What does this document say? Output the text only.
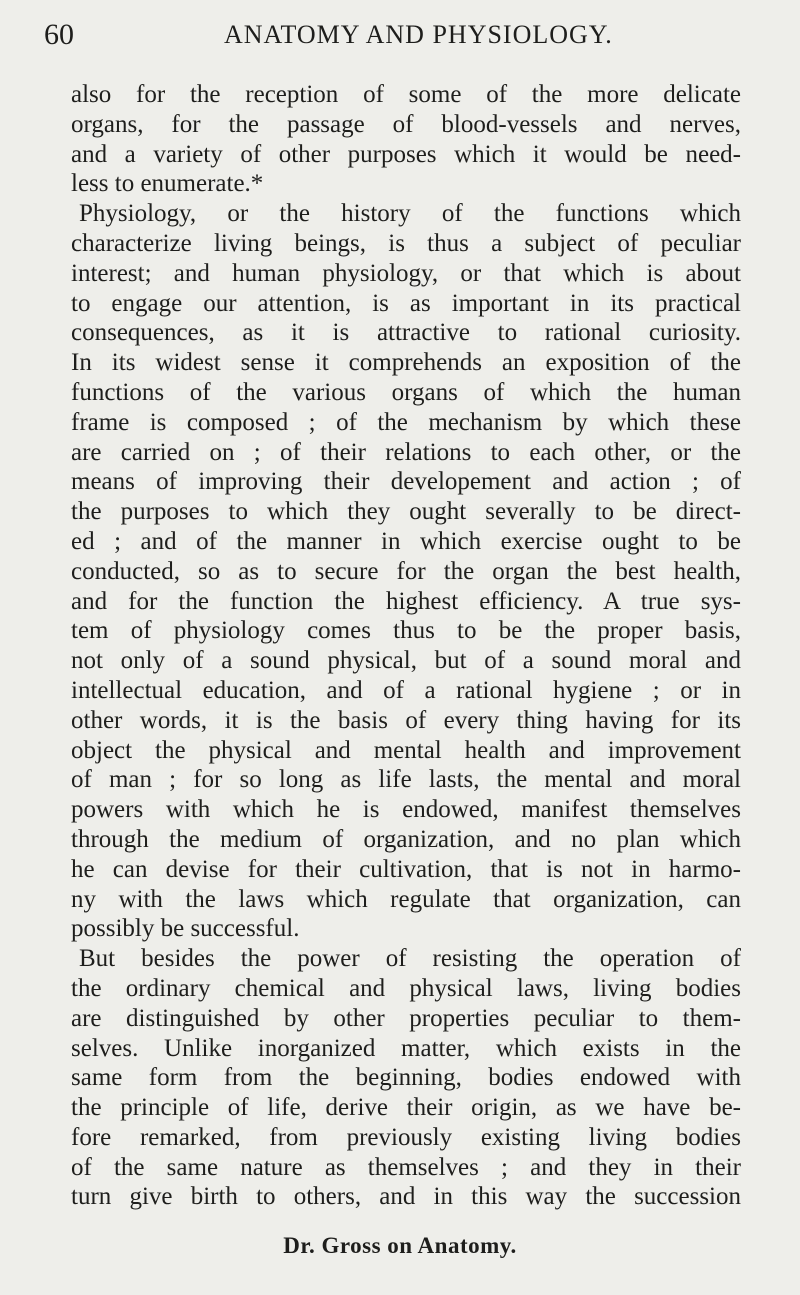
60	ANATOMY AND PHYSIOLOGY.
also for the reception of some of the more delicate
organs, for the passage of blood-vessels and nerves,
and a variety of other purposes which it would be need-
less to enumerate.*
Physiology, or the history of the functions which
characterize living beings, is thus a subject of peculiar
interest; and human physiology, or that which is about
to engage our attention, is as important in its practical
consequences, as it is attractive to rational curiosity.
In its widest sense it comprehends an exposition of the
functions of the various organs of which the human
frame is composed ; of the mechanism by which these
are carried on ; of their relations to each other, or the
means of improving their developement and action ; of
the purposes to which they ought severally to be direct-
ed ; and of the manner in which exercise ought to be
conducted, so as to secure for the organ the best health,
and for the function the highest efficiency. A true sys-
tem of physiology comes thus to be the proper basis,
not only of a sound physical, but of a sound moral and
intellectual education, and of a rational hygiene ; or in
other words, it is the basis of every thing having for its
object the physical and mental health and improvement
of man ; for so long as life lasts, the mental and moral
powers with which he is endowed, manifest themselves
through the medium of organization, and no plan which
he can devise for their cultivation, that is not in harmo-
ny with the laws which regulate that organization, can
possibly be successful.
But besides the power of resisting the operation of
the ordinary chemical and physical laws, living bodies
are distinguished by other properties peculiar to them-
selves. Unlike inorganized matter, which exists in the
same form from the beginning, bodies endowed with
the principle of life, derive their origin, as we have be-
fore remarked, from previously existing living bodies
of the same nature as themselves ; and they in their
turn give birth to others, and in this way the succession
Dr. Gross on Anatomy.
